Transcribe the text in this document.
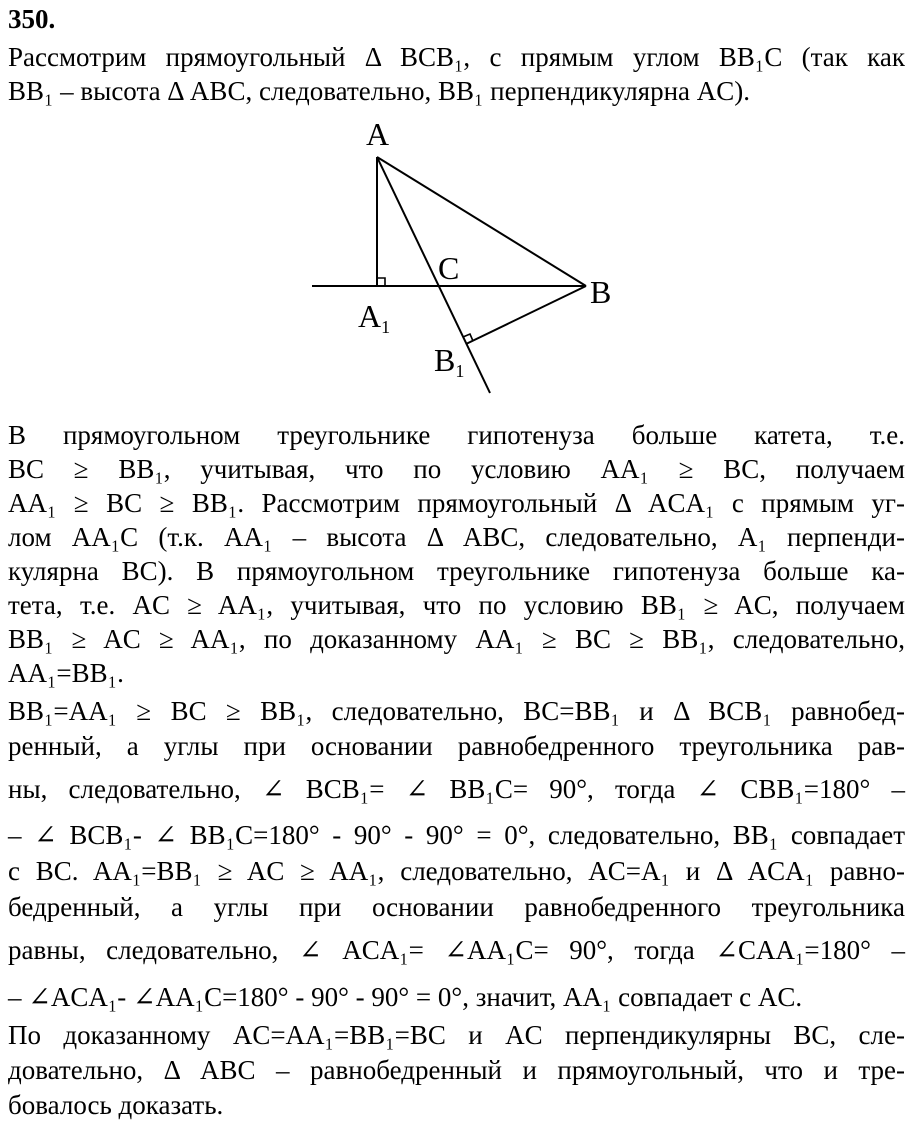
350.
Рассмотрим прямоугольный Δ BCB₁, с прямым углом BB₁C (так как
BB₁ – высота Δ ABC, следовательно, BB₁ перпендикулярна AC).
A
B
C
A1
B1
В прямоугольном треугольнике гипотенуза больше катета, т.е.
BC ≥ BB₁, учитывая, что по условию AA₁ ≥ BC, получаем
AA₁ ≥ BC ≥ BB₁. Рассмотрим прямоугольный Δ ACA₁ с прямым уг-
лом AA₁C (т.к. AA₁ – высота Δ ABC, следовательно, A₁ перпенди-
кулярна BC). В прямоугольном треугольнике гипотенуза больше ка-
тета, т.е. AC ≥ AA₁, учитывая, что по условию BB₁ ≥ AC, получаем
BB₁ ≥ AC ≥ AA₁, по доказанному AA₁ ≥ BC ≥ BB₁, следовательно,
AA₁=BB₁.
BB₁=AA₁ ≥ BC ≥ BB₁, следовательно, BC=BB₁ и Δ BCB₁ равнобед-
ренный, а углы при основании равнобедренного треугольника рав-
ны, следовательно, ∠ BCB₁= ∠ BB₁C= 90°, тогда ∠ CBB₁=180° –
– ∠ BCB₁- ∠ BB₁C=180° - 90° - 90° = 0°, следовательно, BB₁ совпадает
с BC. AA₁=BB₁ ≥ AC ≥ AA₁, следовательно, AC=A₁ и Δ ACA₁ равно-
бедренный, а углы при основании равнобедренного треугольника
равны, следовательно, ∠ ACA₁= ∠AA₁C= 90°, тогда ∠CAA₁=180° –
– ∠ACA₁- ∠AA₁C=180° - 90° - 90° = 0°, значит, AA₁ совпадает с AC.
По доказанному AC=AA₁=BB₁=BC и AC перпендикулярны BC, сле-
довательно, Δ ABC – равнобедренный и прямоугольный, что и тре-
бовалось доказать.
